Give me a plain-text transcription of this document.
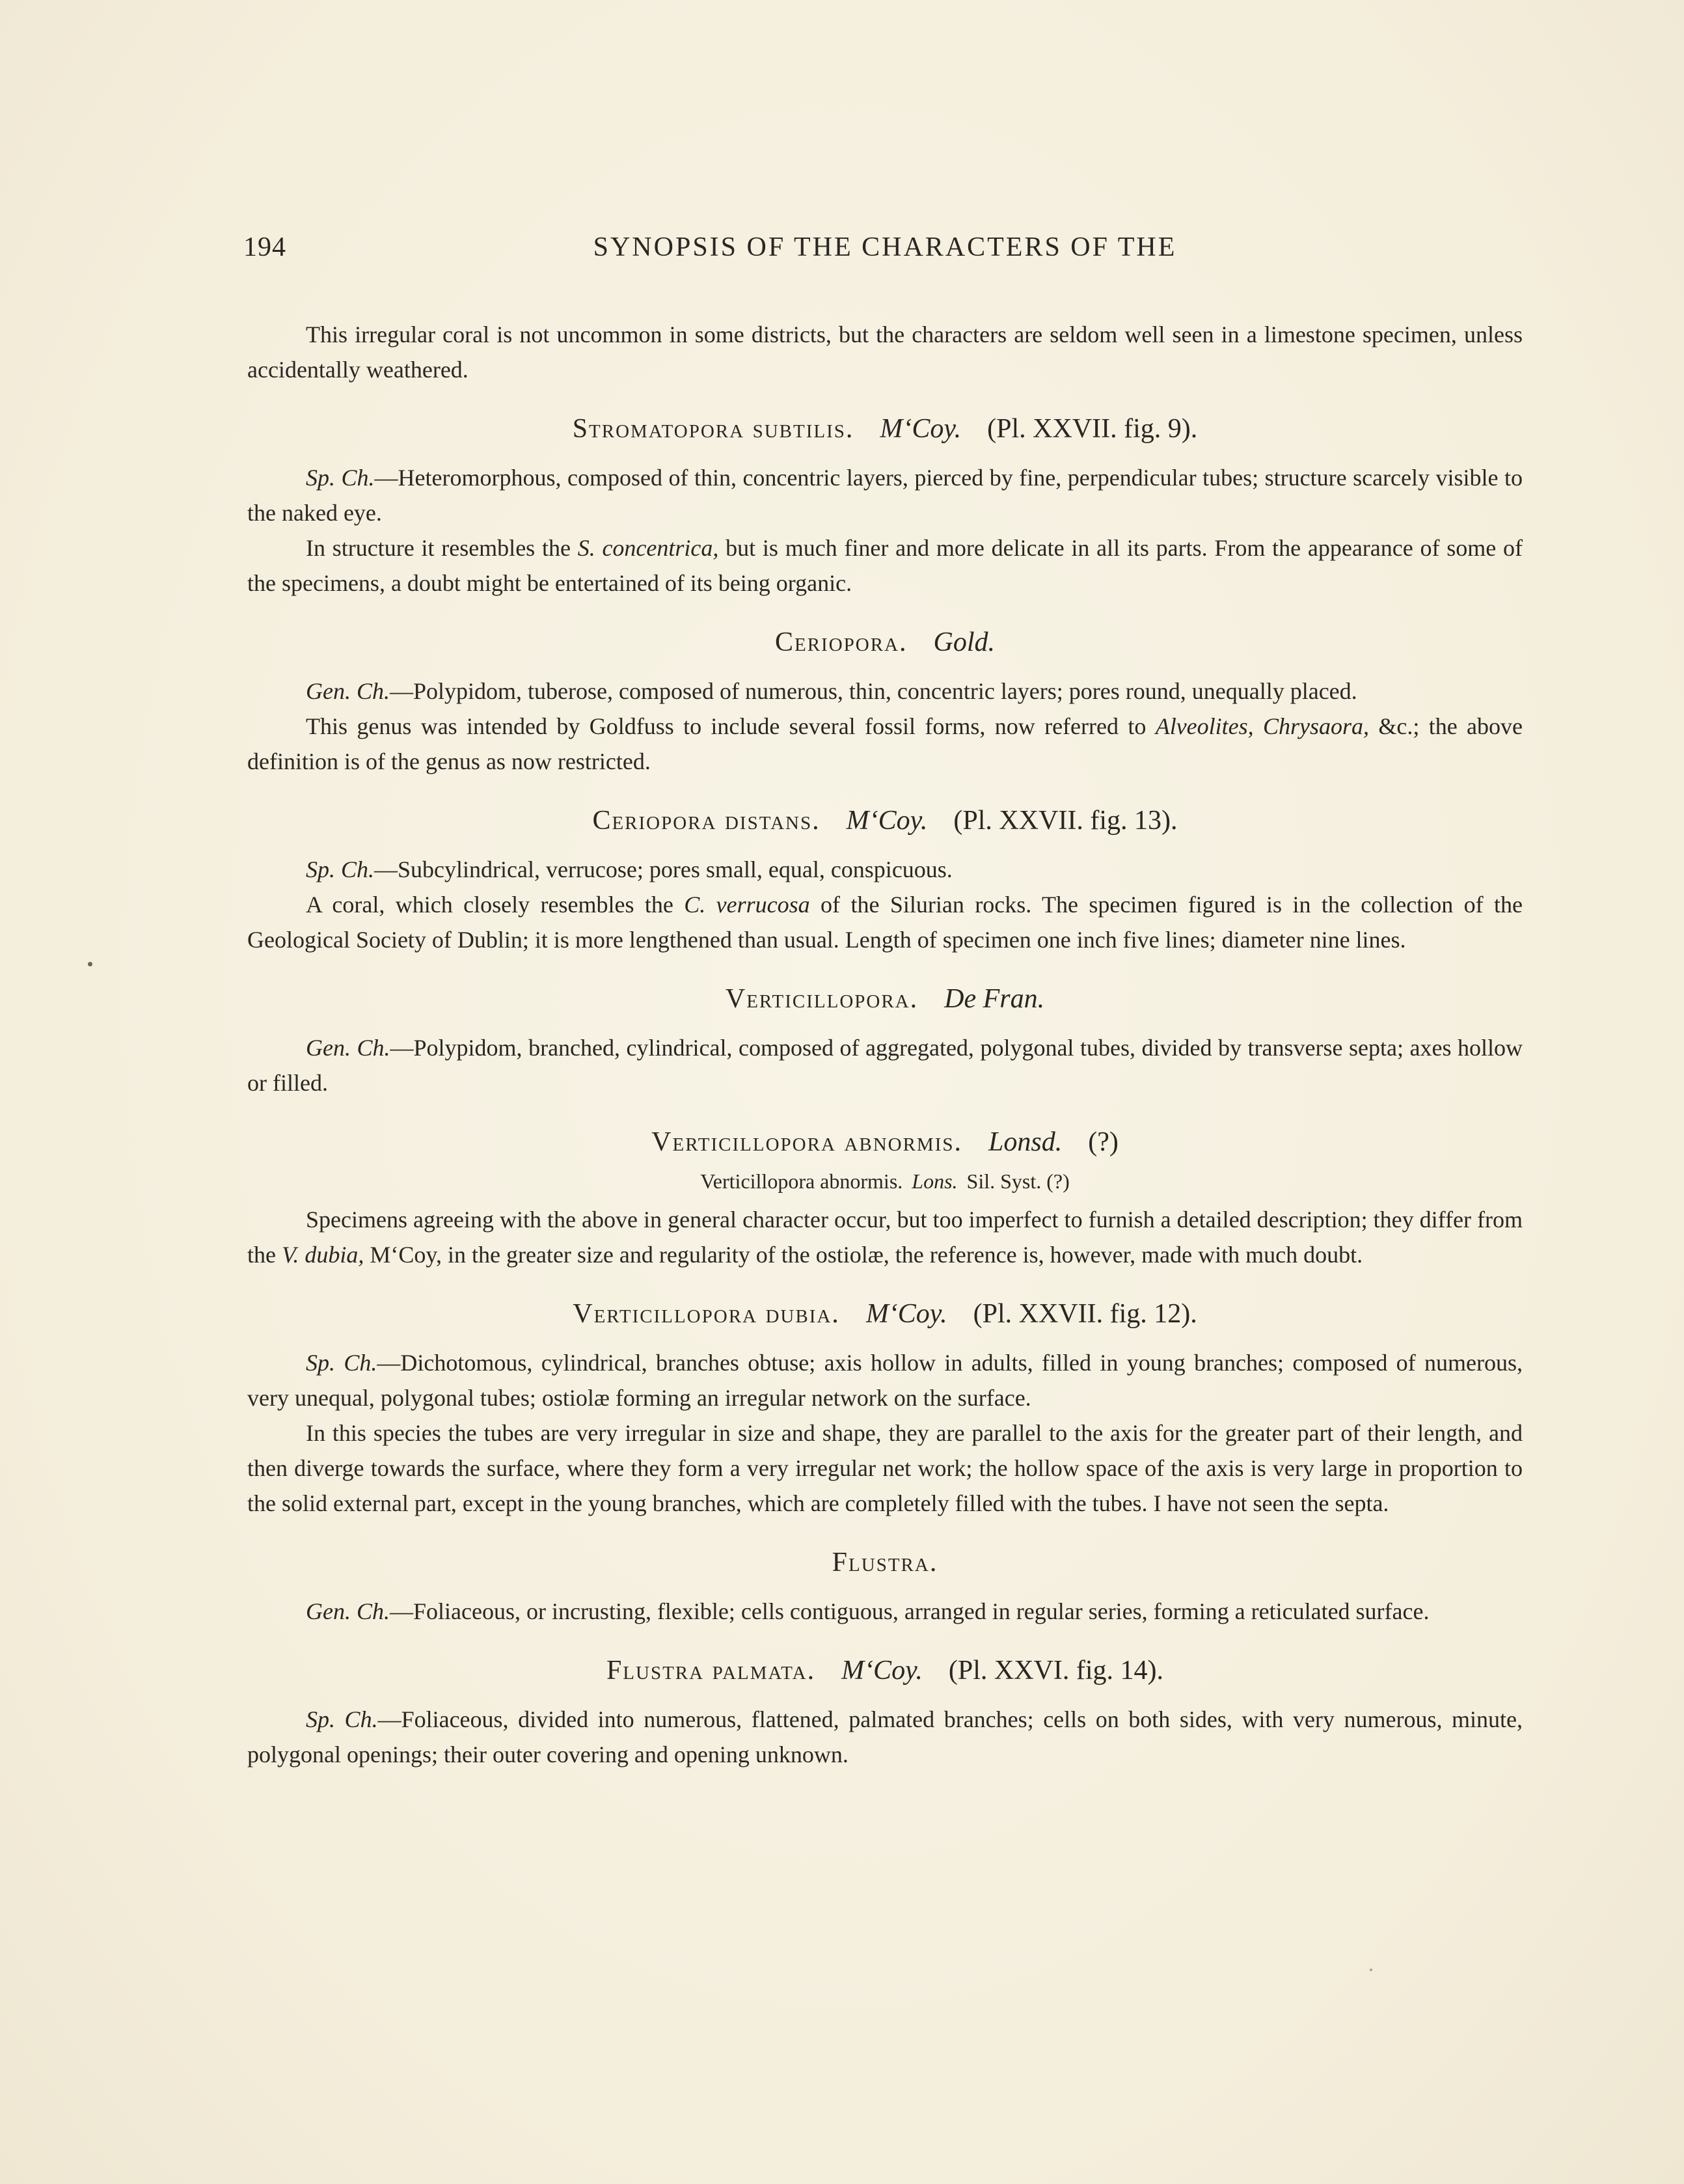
194	SYNOPSIS OF THE CHARACTERS OF THE

This irregular coral is not uncommon in some districts, but the characters are seldom well seen in a limestone specimen, unless accidentally weathered.

Stromatopora subtilis. M‘Coy. (Pl. XXVII. fig. 9).

Sp. Ch.—Heteromorphous, composed of thin, concentric layers, pierced by fine, perpendicular tubes; structure scarcely visible to the naked eye.

In structure it resembles the S. concentrica, but is much finer and more delicate in all its parts. From the appearance of some of the specimens, a doubt might be entertained of its being organic.

Ceriopora. Gold.

Gen. Ch.—Polypidom, tuberose, composed of numerous, thin, concentric layers; pores round, unequally placed.

This genus was intended by Goldfuss to include several fossil forms, now referred to Alveolites, Chrysaora, &c.; the above definition is of the genus as now restricted.

Ceriopora distans. M‘Coy. (Pl. XXVII. fig. 13).

Sp. Ch.—Subcylindrical, verrucose; pores small, equal, conspicuous.

A coral, which closely resembles the C. verrucosa of the Silurian rocks. The specimen figured is in the collection of the Geological Society of Dublin; it is more lengthened than usual. Length of specimen one inch five lines; diameter nine lines.

Verticillopora. De Fran.

Gen. Ch.—Polypidom, branched, cylindrical, composed of aggregated, polygonal tubes, divided by transverse septa; axes hollow or filled.

Verticillopora abnormis. Lonsd. (?)
Verticillopora abnormis. Lons. Sil. Syst. (?)

Specimens agreeing with the above in general character occur, but too imperfect to furnish a detailed description; they differ from the V. dubia, M‘Coy, in the greater size and regularity of the ostiolæ, the reference is, however, made with much doubt.

Verticillopora dubia. M‘Coy. (Pl. XXVII. fig. 12).

Sp. Ch.—Dichotomous, cylindrical, branches obtuse; axis hollow in adults, filled in young branches; composed of numerous, very unequal, polygonal tubes; ostiolæ forming an irregular network on the surface.

In this species the tubes are very irregular in size and shape, they are parallel to the axis for the greater part of their length, and then diverge towards the surface, where they form a very irregular net work; the hollow space of the axis is very large in proportion to the solid external part, except in the young branches, which are completely filled with the tubes. I have not seen the septa.

Flustra.

Gen. Ch.—Foliaceous, or incrusting, flexible; cells contiguous, arranged in regular series, forming a reticulated surface.

Flustra palmata. M‘Coy. (Pl. XXVI. fig. 14).

Sp. Ch.—Foliaceous, divided into numerous, flattened, palmated branches; cells on both sides, with very numerous, minute, polygonal openings; their outer covering and opening unknown.
